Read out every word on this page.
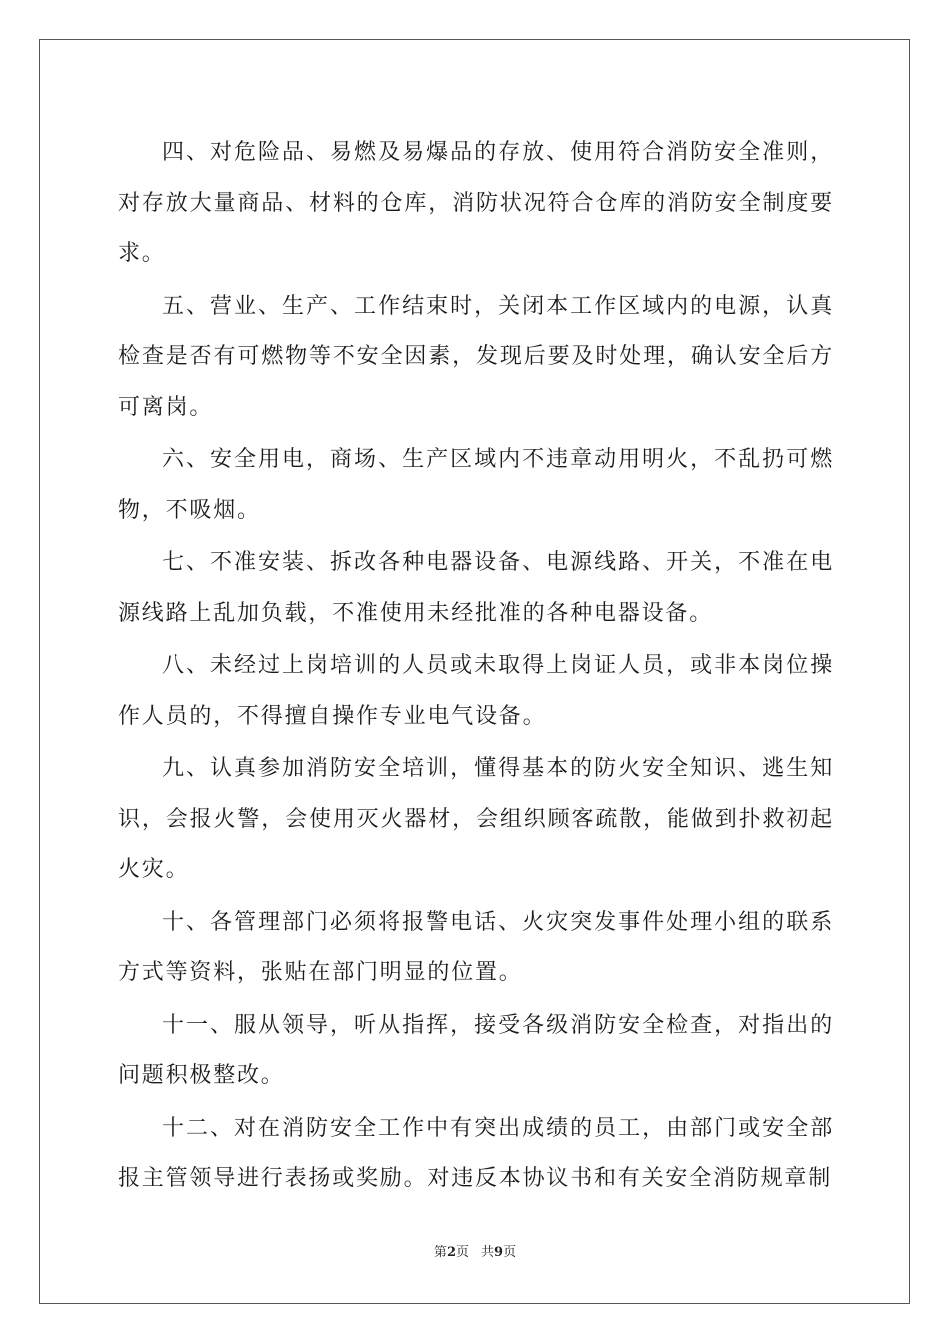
四、对危险品、易燃及易爆品的存放、使用符合消防安全准则，对存放大量商品、材料的仓库，消防状况符合仓库的消防安全制度要求。

五、营业、生产、工作结束时，关闭本工作区域内的电源，认真检查是否有可燃物等不安全因素，发现后要及时处理，确认安全后方可离岗。

六、安全用电，商场、生产区域内不违章动用明火，不乱扔可燃物，不吸烟。

七、不准安装、拆改各种电器设备、电源线路、开关，不准在电源线路上乱加负载，不准使用未经批准的各种电器设备。

八、未经过上岗培训的人员或未取得上岗证人员，或非本岗位操作人员的，不得擅自操作专业电气设备。

九、认真参加消防安全培训，懂得基本的防火安全知识、逃生知识，会报火警，会使用灭火器材，会组织顾客疏散，能做到扑救初起火灾。

十、各管理部门必须将报警电话、火灾突发事件处理小组的联系方式等资料，张贴在部门明显的位置。

十一、服从领导，听从指挥，接受各级消防安全检查，对指出的问题积极整改。

十二、对在消防安全工作中有突出成绩的员工，由部门或安全部报主管领导进行表扬或奖励。对违反本协议书和有关安全消防规章制

第2页 共9页
